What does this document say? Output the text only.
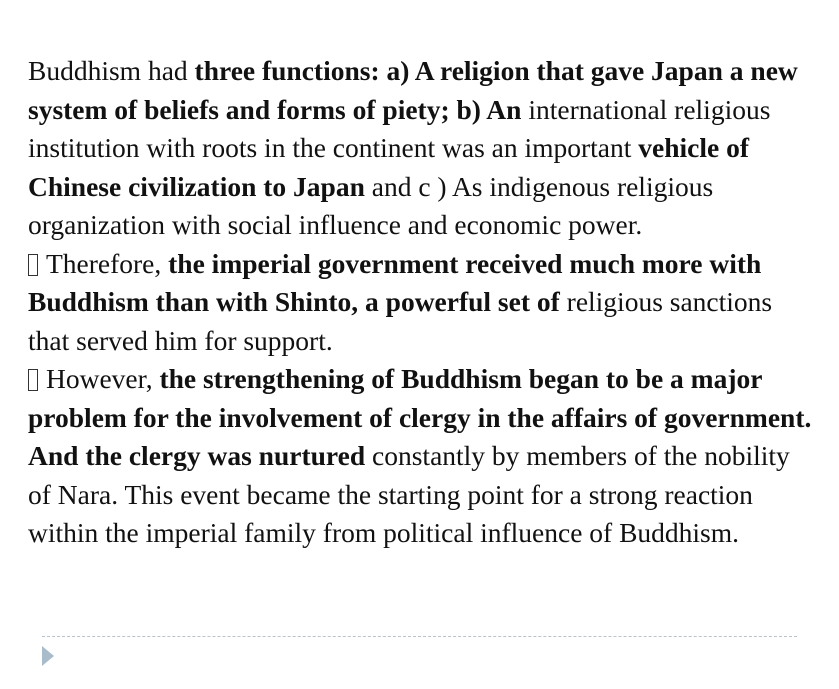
Buddhism had three functions: a) A religion that gave Japan a new system of beliefs and forms of piety; b) An international religious institution with roots in the continent was an important vehicle of Chinese civilization to Japan and c ) As indigenous religious organization with social influence and economic power.

Therefore, the imperial government received much more with Buddhism than with Shinto, a powerful set of religious sanctions that served him for support.

However, the strengthening of Buddhism began to be a major problem for the involvement of clergy in the affairs of government. And the clergy was nurtured constantly by members of the nobility of Nara. This event became the starting point for a strong reaction within the imperial family from political influence of Buddhism.
